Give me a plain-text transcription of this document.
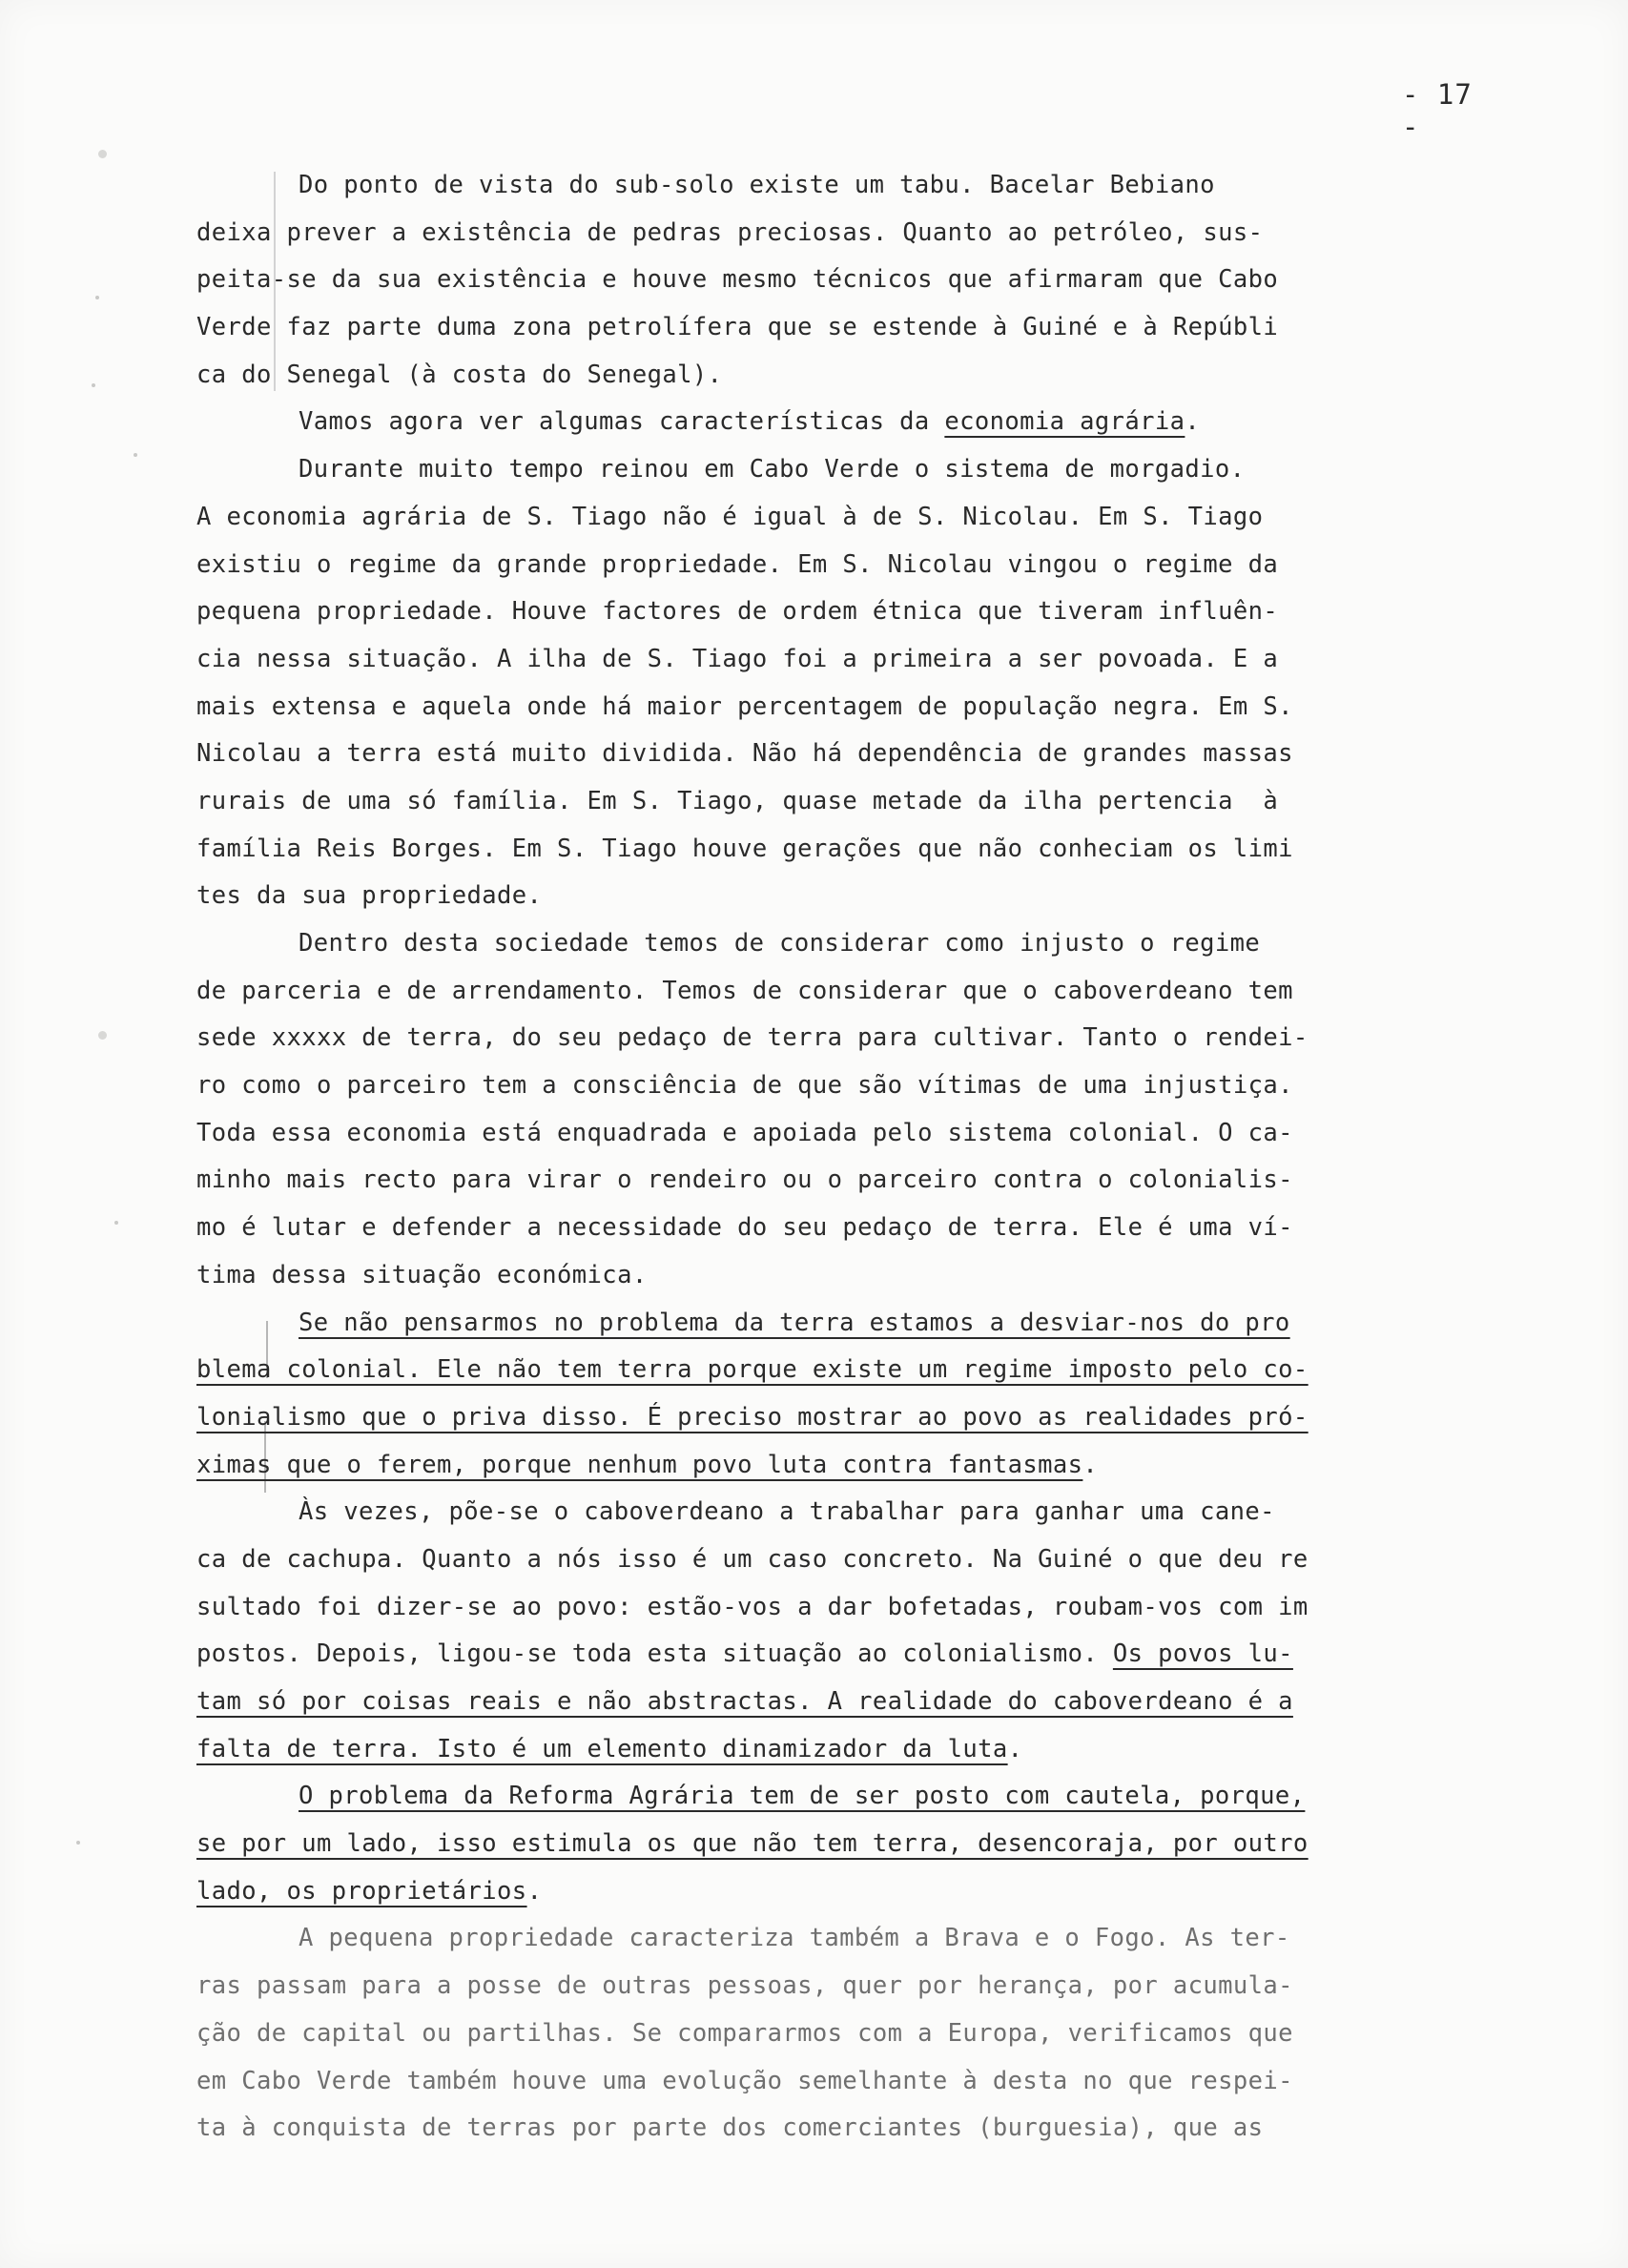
- 17 -
Do ponto de vista do sub-solo existe um tabu. Bacelar Bebiano
deixa prever a existência de pedras preciosas. Quanto ao petróleo, sus-
peita-se da sua existência e houve mesmo técnicos que afirmaram que Cabo
Verde faz parte duma zona petrolífera que se estende à Guiné e à Repúbli
ca do Senegal (à costa do Senegal).
Vamos agora ver algumas características da economia agrária.
Durante muito tempo reinou em Cabo Verde o sistema de morgadio.
A economia agrária de S. Tiago não é igual à de S. Nicolau. Em S. Tiago
existiu o regime da grande propriedade. Em S. Nicolau vingou o regime da
pequena propriedade. Houve factores de ordem étnica que tiveram influên-
cia nessa situação. A ilha de S. Tiago foi a primeira a ser povoada. E a
mais extensa e aquela onde há maior percentagem de população negra. Em S.
Nicolau a terra está muito dividida. Não há dependência de grandes massas
rurais de uma só família. Em S. Tiago, quase metade da ilha pertencia  à
família Reis Borges. Em S. Tiago houve gerações que não conheciam os limi
tes da sua propriedade.
Dentro desta sociedade temos de considerar como injusto o regime
de parceria e de arrendamento. Temos de considerar que o caboverdeano tem
sede xxxxx de terra, do seu pedaço de terra para cultivar. Tanto o rendei-
ro como o parceiro tem a consciência de que são vítimas de uma injustiça.
Toda essa economia está enquadrada e apoiada pelo sistema colonial. O ca-
minho mais recto para virar o rendeiro ou o parceiro contra o colonialis-
mo é lutar e defender a necessidade do seu pedaço de terra. Ele é uma ví-
tima dessa situação económica.
Se não pensarmos no problema da terra estamos a desviar-nos do pro
blema colonial. Ele não tem terra porque existe um regime imposto pelo co-
lonialismo que o priva disso. É preciso mostrar ao povo as realidades pró-
ximas que o ferem, porque nenhum povo luta contra fantasmas.
Às vezes, põe-se o caboverdeano a trabalhar para ganhar uma cane-
ca de cachupa. Quanto a nós isso é um caso concreto. Na Guiné o que deu re
sultado foi dizer-se ao povo: estão-vos a dar bofetadas, roubam-vos com im
postos. Depois, ligou-se toda esta situação ao colonialismo. Os povos lu-
tam só por coisas reais e não abstractas. A realidade do caboverdeano é a
falta de terra. Isto é um elemento dinamizador da luta.
O problema da Reforma Agrária tem de ser posto com cautela, porque,
se por um lado, isso estimula os que não tem terra, desencoraja, por outro
lado, os proprietários.
A pequena propriedade caracteriza também a Brava e o Fogo. As ter-
ras passam para a posse de outras pessoas, quer por herança, por acumula-
ção de capital ou partilhas. Se compararmos com a Europa, verificamos que
em Cabo Verde também houve uma evolução semelhante à desta no que respei-
ta à conquista de terras por parte dos comerciantes (burguesia), que as
